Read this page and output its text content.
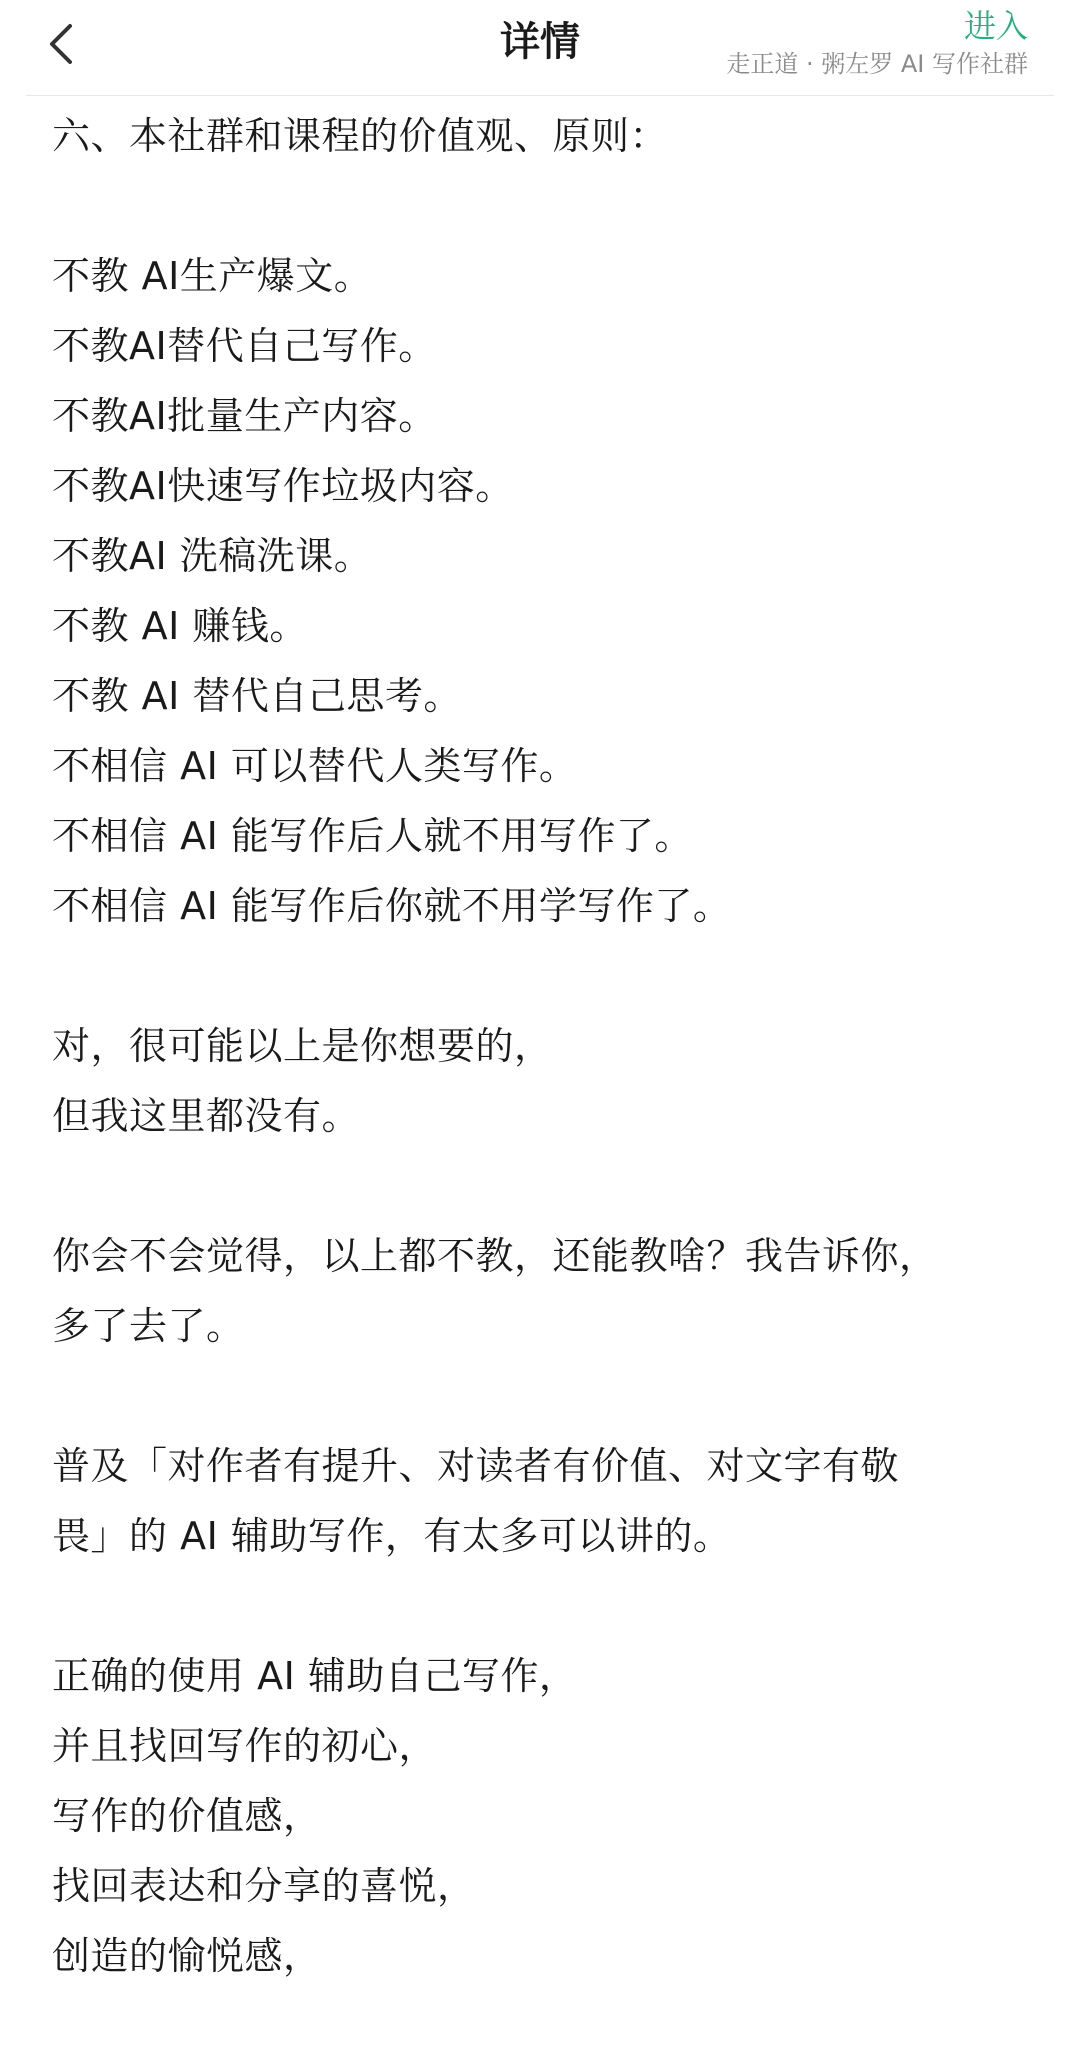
详情	进入
走正道 · 粥左罗 AI 写作社群
六、本社群和课程的价值观、原则：
不教 AI生产爆文。
不教AI替代自己写作。
不教AI批量生产内容。
不教AI快速写作垃圾内容。
不教AI 洗稿洗课。
不教 AI 赚钱。
不教 AI 替代自己思考。
不相信 AI 可以替代人类写作。
不相信 AI 能写作后人就不用写作了。
不相信 AI 能写作后你就不用学写作了。
对，很可能以上是你想要的，
但我这里都没有。
你会不会觉得，以上都不教，还能教啥？我告诉你，
多了去了。
普及「对作者有提升、对读者有价值、对文字有敬
畏」的 AI 辅助写作，有太多可以讲的。
正确的使用 AI 辅助自己写作，
并且找回写作的初心，
写作的价值感，
找回表达和分享的喜悦，
创造的愉悦感，
